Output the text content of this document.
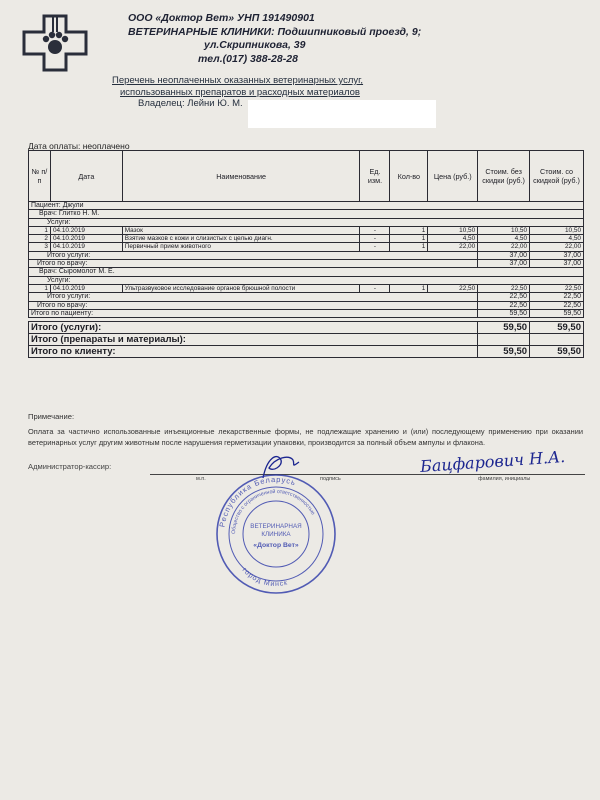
ООО «Доктор Вет» УНП 191490901
ВЕТЕРИНАРНЫЕ КЛИНИКИ: Подшипниковый проезд, 9;
ул.Скрипникова, 39
тел.(017) 388-28-28
Перечень неоплаченных оказанных ветеринарных услуг,
использованных препаратов и расходных материалов
Владелец: Лейни Ю. М.
Дата оплаты: неоплачено
№ п/п	Дата	Наименование	Ед. изм.	Кол-во	Цена (руб.)	Стоим. без скидки (руб.)	Стоим. со скидкой (руб.)
Пациент: Джули							
Врач: Глитко Н. М.							
Услуги:							
1	04.10.2019	Мазок	-	1	10,50	10,50	10,50
2	04.10.2019	Взятие мазков с кожи и слизистых с целью диагн.	-	1	4,50	4,50	4,50
3	04.10.2019	Первичный прием животного	-	1	22,00	22,00	22,00
Итого услуги:						37,00	37,00
Итого по врачу:						37,00	37,00
Врач: Сыромолот М. Е.							
Услуги:							
1	04.10.2019	Ультразвуковое исследование органов брюшной полости	-	1	22,50	22,50	22,50
Итого услуги:						22,50	22,50
Итого по врачу:						22,50	22,50
Итого по пациенту:						59,50	59,50

Итого (услуги):						59,50	59,50
Итого (препараты и материалы):							
Итого по клиенту:						59,50	59,50
Примечание:
Оплата за частично использованные инъекционные лекарственные формы, не подлежащие хранению и (или) последующему применению при оказании ветеринарных услуг другим животным после нарушения герметизации упаковки, производится за полный объем ампулы и флакона.
Администратор-кассир:
м.п.	подпись	фамилия, инициалы
Бацфарович Н.А.
Республика Беларусь
Общество с ограниченной ответственностью
город Минск
ВЕТЕРИНАРНАЯ
КЛИНИКА
«Доктор Вет»
